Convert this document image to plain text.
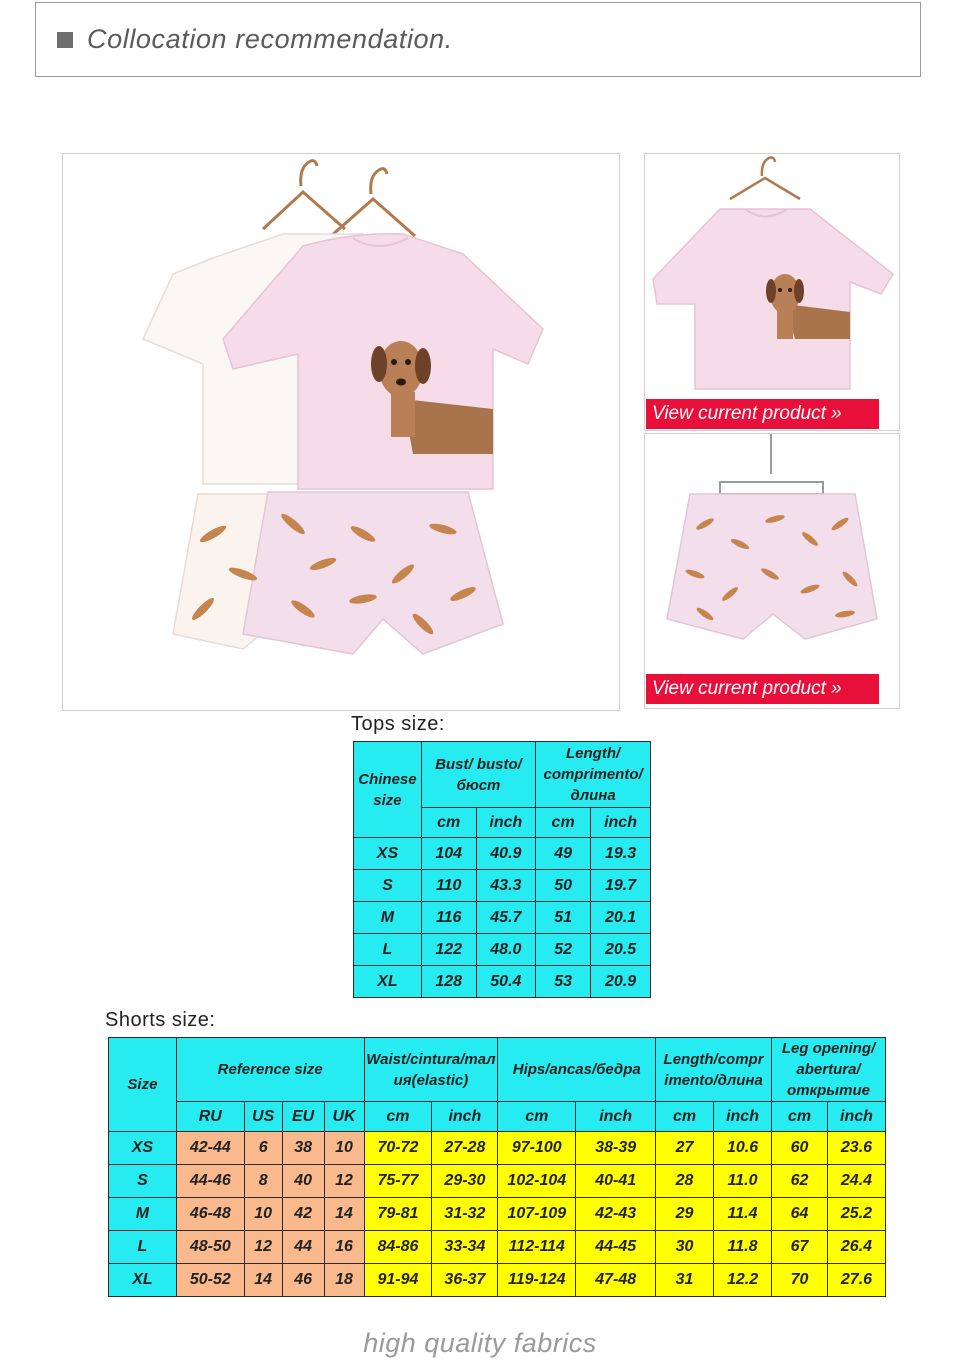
Collocation recommendation.
View current product »
View current product »
Tops size:
Chinese size	Bust/ busto/бюст		Length/ comprimento/ длина	
	cm	inch	cm	inch
XS	104	40.9	49	19.3
S	110	43.3	50	19.7
M	116	45.7	51	20.1
L	122	48.0	52	20.5
XL	128	50.4	53	20.9
Shorts size:
Size	Reference size				Waist/cintura/тал ия(elastic)		Hips/ancas/бедра		Length/compr imento/длина		Leg opening/ abertura/ открытие	
	RU	US	EU	UK	cm	inch	cm	inch	cm	inch	cm	inch
XS	42-44	6	38	10	70-72	27-28	97-100	38-39	27	10.6	60	23.6
S	44-46	8	40	12	75-77	29-30	102-104	40-41	28	11.0	62	24.4
M	46-48	10	42	14	79-81	31-32	107-109	42-43	29	11.4	64	25.2
L	48-50	12	44	16	84-86	33-34	112-114	44-45	30	11.8	67	26.4
XL	50-52	14	46	18	91-94	36-37	119-124	47-48	31	12.2	70	27.6
high quality fabrics
